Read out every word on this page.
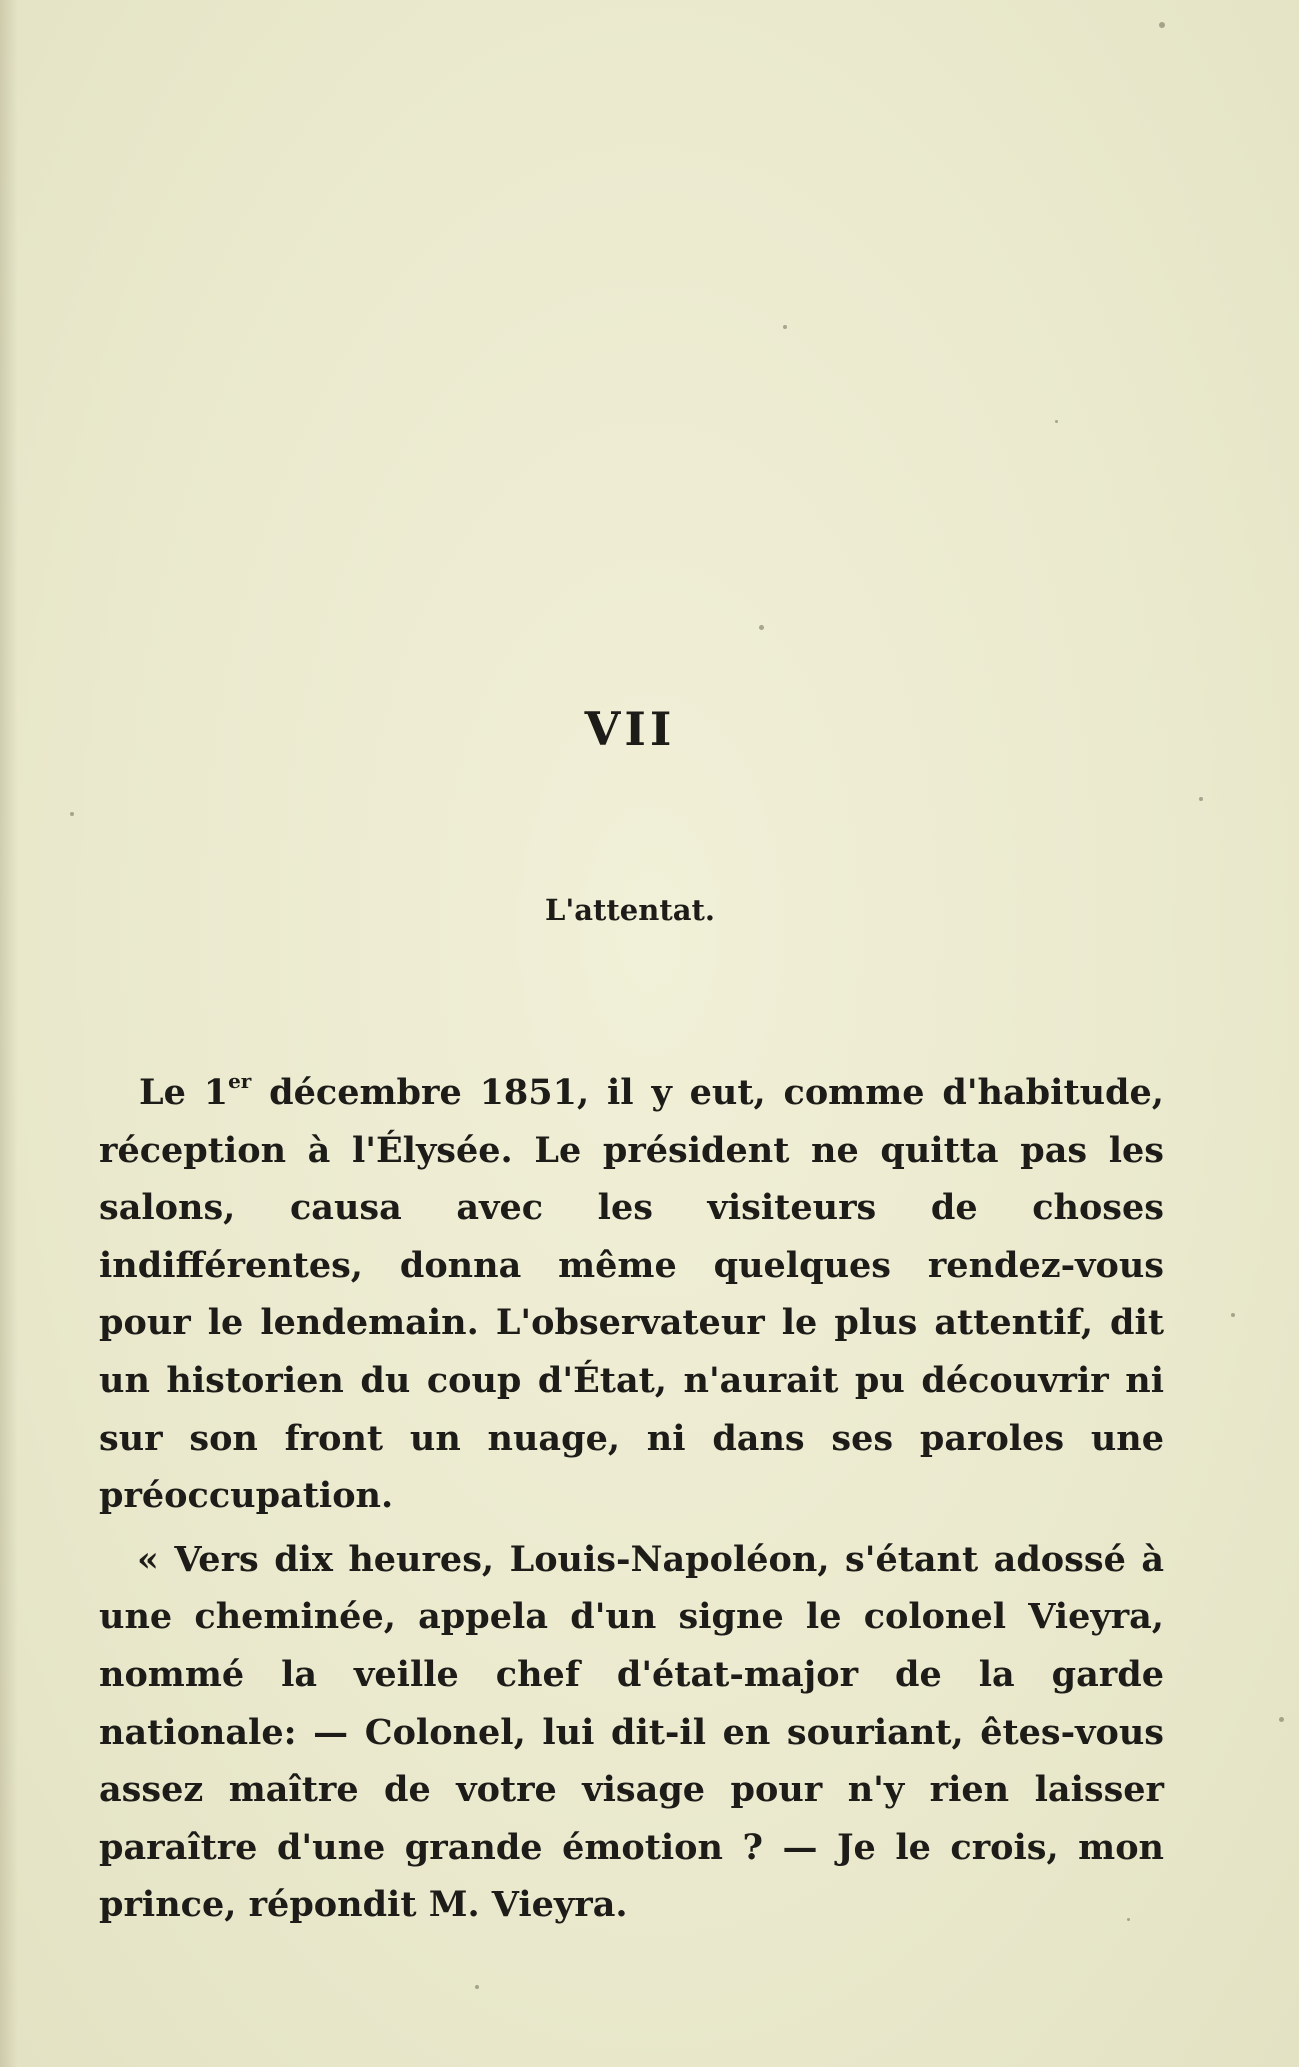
VII
L'attentat.

Le 1er décembre 1851, il y eut, comme d'habitude, réception à l'Élysée. Le président ne quitta pas les salons, causa avec les visiteurs de choses indifférentes, donna même quelques rendez-vous pour le lendemain. L'observateur le plus attentif, dit un historien du coup d'État, n'aurait pu découvrir ni sur son front un nuage, ni dans ses paroles une préoccupation.

« Vers dix heures, Louis-Napoléon, s'étant adossé à une cheminée, appela d'un signe le colonel Vieyra, nommé la veille chef d'état-major de la garde nationale: — Colonel, lui dit-il en souriant, êtes-vous assez maître de votre visage pour n'y rien laisser paraître d'une grande émotion ? — Je le crois, mon prince, répondit M. Vieyra.
